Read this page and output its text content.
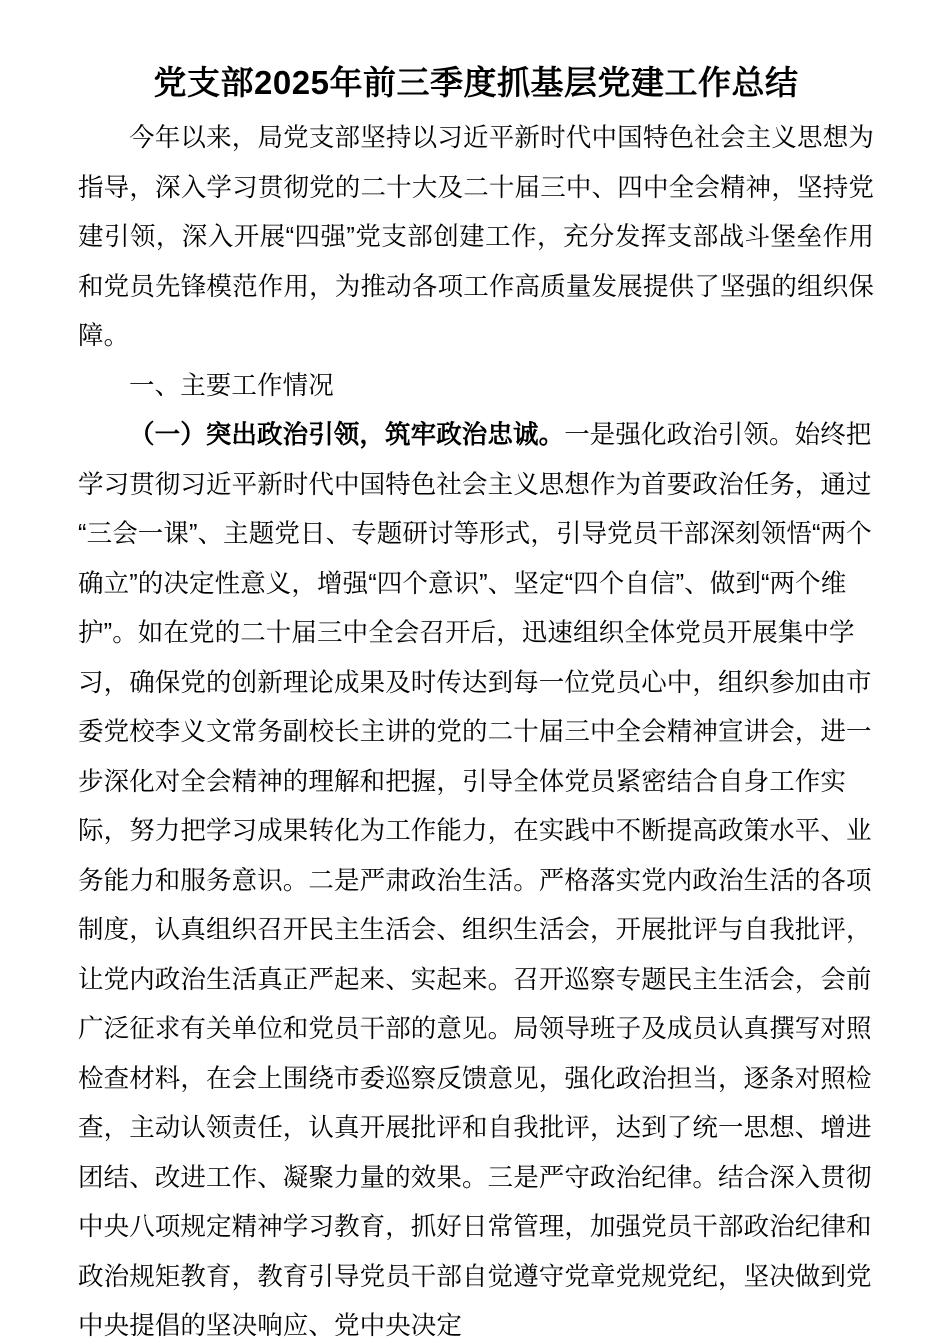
党支部2025年前三季度抓基层党建工作总结

今年以来，局党支部坚持以习近平新时代中国特色社会主义思想为指导，深入学习贯彻党的二十大及二十届三中、四中全会精神，坚持党建引领，深入开展“四强”党支部创建工作，充分发挥支部战斗堡垒作用和党员先锋模范作用，为推动各项工作高质量发展提供了坚强的组织保障。

一、主要工作情况

（一）突出政治引领，筑牢政治忠诚。一是强化政治引领。始终把学习贯彻习近平新时代中国特色社会主义思想作为首要政治任务，通过“三会一课”、主题党日、专题研讨等形式，引导党员干部深刻领悟“两个确立”的决定性意义，增强“四个意识”、坚定“四个自信”、做到“两个维护”。如在党的二十届三中全会召开后，迅速组织全体党员开展集中学习，确保党的创新理论成果及时传达到每一位党员心中，组织参加由市委党校李义文常务副校长主讲的党的二十届三中全会精神宣讲会，进一步深化对全会精神的理解和把握，引导全体党员紧密结合自身工作实际，努力把学习成果转化为工作能力，在实践中不断提高政策水平、业务能力和服务意识。二是严肃政治生活。严格落实党内政治生活的各项制度，认真组织召开民主生活会、组织生活会，开展批评与自我批评，让党内政治生活真正严起来、实起来。召开巡察专题民主生活会，会前广泛征求有关单位和党员干部的意见。局领导班子及成员认真撰写对照检查材料，在会上围绕市委巡察反馈意见，强化政治担当，逐条对照检查，主动认领责任，认真开展批评和自我批评，达到了统一思想、增进团结、改进工作、凝聚力量的效果。三是严守政治纪律。结合深入贯彻中央八项规定精神学习教育，抓好日常管理，加强党员干部政治纪律和政治规矩教育，教育引导党员干部自觉遵守党章党规党纪，坚决做到党中央提倡的坚决响应、党中央决定
